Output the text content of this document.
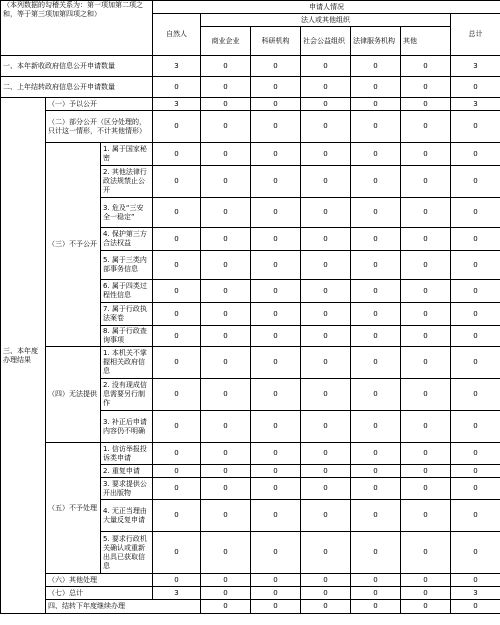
（本列数据的勾稽关系为：第一项加第二项之和，等于第三项加第四项之和）			申请人情况							
			自然人	法人或其他组织					总计	
				商业企业	科研机构	社会公益组织	法律服务机构	其他		
一、本年新收政府信息公开申请数量			3	0	0	0	0	0	3	
二、上年结转政府信息公开申请数量			0	0	0	0	0	0	0	
三、本年度办理结果	（一）予以公开		3	0	0	0	0	0	3	
	（二）部分公开（区分处理的，只计这一情形，不计其他情形）		0	0	0	0	0	0	0	
	（三）不予公开	1. 属于国家秘密	0	0	0	0	0	0	0	
		2. 其他法律行政法规禁止公开	0	0	0	0	0	0	0	
		3. 危及“三安全一稳定”	0	0	0	0	0	0	0	
		4. 保护第三方合法权益	0	0	0	0	0	0	0	
		5. 属于三类内部事务信息	0	0	0	0	0	0	0	
		6. 属于四类过程性信息	0	0	0	0	0	0	0	
		7. 属于行政执法案卷	0	0	0	0	0	0	0	
		8. 属于行政查询事项	0	0	0	0	0	0	0	
	（四）无法提供	1. 本机关不掌握相关政府信息	0	0	0	0	0	0	0	
		2. 没有现成信息需要另行制作	0	0	0	0	0	0	0	
		3. 补正后申请内容仍不明确	0	0	0	0	0	0	0	
	（五）不予处理	1. 信访举报投诉类申请	0	0	0	0	0	0	0	
		2. 重复申请	0	0	0	0	0	0	0	
		3. 要求提供公开出版物	0	0	0	0	0	0	0	
		4. 无正当理由大量反复申请	0	0	0	0	0	0	0	
		5. 要求行政机关确认或重新出具已获取信息	0	0	0	0	0	0	0	
	（六）其他处理		0	0	0	0	0	0	0	
	（七）总计		3	0	0	0	0	0	3	
	四、结转下年度继续办理			0	0	0	0	0	0	
